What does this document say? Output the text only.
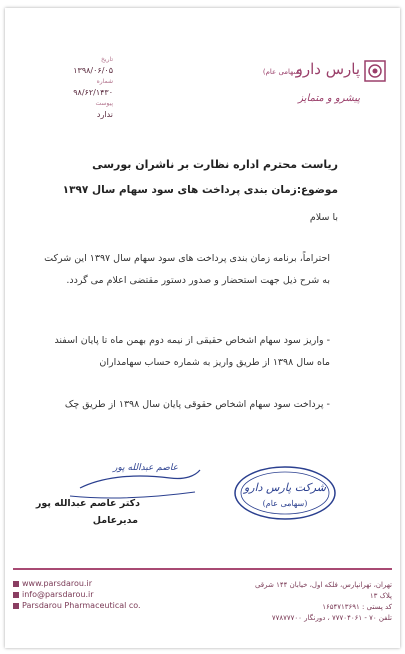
پارس دارو
(سهامی عام)
پیشرو و متمایز
تاریخ
۱۳۹۸/۰۶/۰۵
شماره
۹۸/۶۲/۱۴۳۰
پیوست
ندارد
ریاست محترم اداره نظارت بر ناشران بورسی
موضوع:زمان بندی پرداخت های سود سهام سال ۱۳۹۷
با سلام
احتراماً، برنامه زمان بندی پرداخت های سود سهام سال ۱۳۹۷ این شرکت به شرح ذیل جهت استحضار و صدور دستور مقتضی اعلام می گردد.
- واریز سود سهام اشخاص حقیقی از نیمه دوم بهمن ماه تا پایان اسفند ماه سال ۱۳۹۸ از طریق واریز به شماره حساب سهامداران
- پرداخت سود سهام اشخاص حقوقی پایان سال ۱۳۹۸ از طریق چک
عاصم عبدالله پور
شرکت پارس دارو
(سهامی عام)
دکتر عاصم عبدالله پور
مدیرعامل
www.parsdarou.ir
info@parsdarou.ir
Parsdarou Pharmaceutical co.
تهران، تهرانپارس، فلکه اول، خیابان ۱۴۴ شرقی
پلاک ۱۳
کد پستی : ۱۶۵۴۷۱۳۶۹۱
تلفن ۷۰ - ۷۷۷۰۴۰۶۱ ، دورنگار ۷۷۸۷۷۷۰۰
